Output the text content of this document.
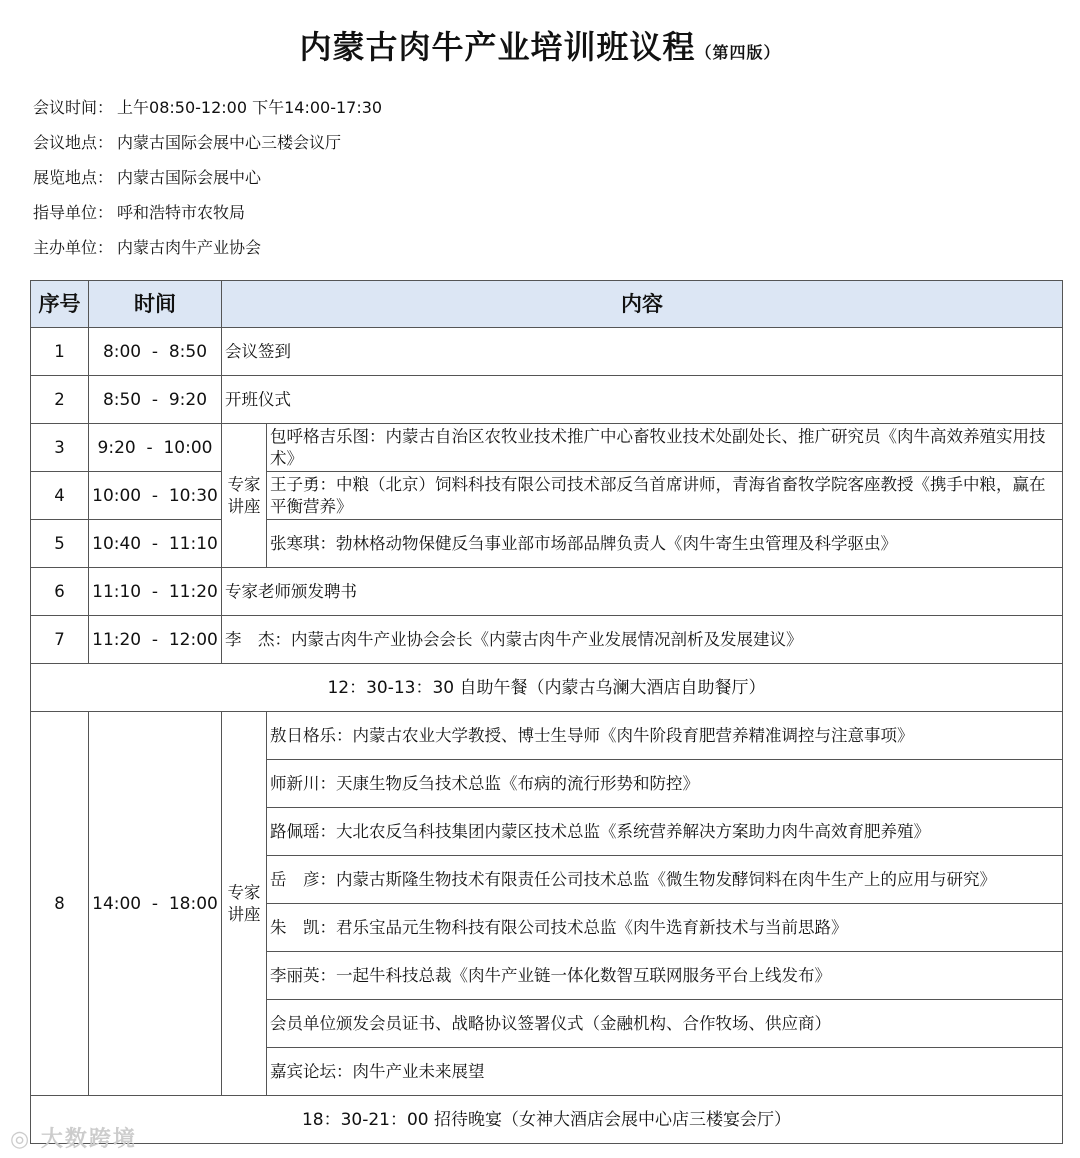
内蒙古肉牛产业培训班议程（第四版）
会议时间： 上午08:50-12:00 下午14:00-17:30
会议地点： 内蒙古国际会展中心三楼会议厅
展览地点： 内蒙古国际会展中心
指导单位： 呼和浩特市农牧局
主办单位： 内蒙古肉牛产业协会
序号	时间	内容	
1	8:00  -  8:50	会议签到	
2	8:50  -  9:20	开班仪式	
3	9:20  -  10:00	专家讲座	包呼格吉乐图：内蒙古自治区农牧业技术推广中心畜牧业技术处副处长、推广研究员《肉牛高效养殖实用技术》
4	10:00  -  10:30		王子勇：中粮（北京）饲料科技有限公司技术部反刍首席讲师，青海省畜牧学院客座教授《携手中粮，赢在平衡营养》
5	10:40  -  11:10		张寒琪：勃林格动物保健反刍事业部市场部品牌负责人《肉牛寄生虫管理及科学驱虫》
6	11:10  -  11:20	专家老师颁发聘书	
7	11:20  -  12:00	李　杰：内蒙古肉牛产业协会会长《内蒙古肉牛产业发展情况剖析及发展建议》	
12：30-13：30 自助午餐（内蒙古乌澜大酒店自助餐厅）			
8	14:00  -  18:00	专家讲座	敖日格乐：内蒙古农业大学教授、博士生导师《肉牛阶段育肥营养精准调控与注意事项》
			师新川：天康生物反刍技术总监《布病的流行形势和防控》
			路佩瑶：大北农反刍科技集团内蒙区技术总监《系统营养解决方案助力肉牛高效育肥养殖》
			岳　彦：内蒙古斯隆生物技术有限责任公司技术总监《微生物发酵饲料在肉牛生产上的应用与研究》
			朱　凯：君乐宝品元生物科技有限公司技术总监《肉牛选育新技术与当前思路》
			李丽英：一起牛科技总裁《肉牛产业链一体化数智互联网服务平台上线发布》
			会员单位颁发会员证书、战略协议签署仪式（金融机构、合作牧场、供应商）
			嘉宾论坛：肉牛产业未来展望
18：30-21：00 招待晚宴（女神大酒店会展中心店三楼宴会厅）			
◎ 大数跨境
